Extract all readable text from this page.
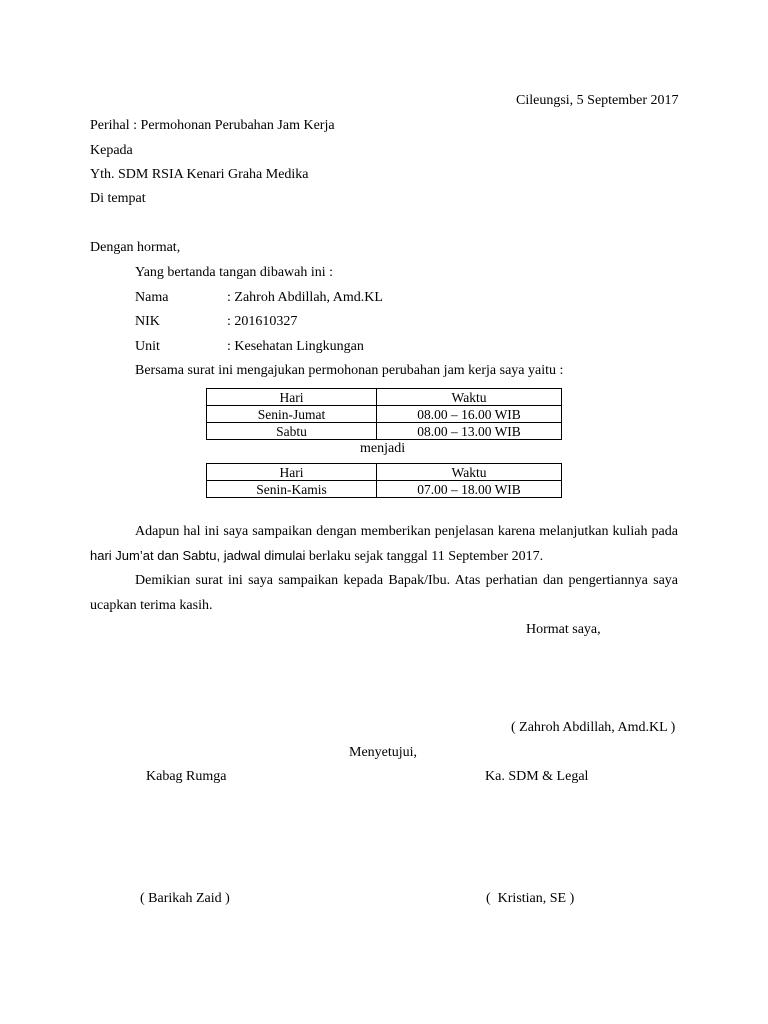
Cileungsi, 5 September 2017
Perihal : Permohonan Perubahan Jam Kerja
Kepada
Yth. SDM RSIA Kenari Graha Medika
Di tempat
Dengan hormat,
Yang bertanda tangan dibawah ini :
Nama	: Zahroh Abdillah, Amd.KL
NIK	: 201610327
Unit	: Kesehatan Lingkungan
Bersama surat ini mengajukan permohonan perubahan jam kerja saya yaitu :
Hari	Waktu
Senin-Jumat	08.00 – 16.00 WIB
Sabtu	08.00 – 13.00 WIB
menjadi
Hari	Waktu
Senin-Kamis	07.00 – 18.00 WIB
Adapun hal ini saya sampaikan dengan memberikan penjelasan karena melanjutkan kuliah pada
hari Jum’at dan Sabtu, jadwal dimulai berlaku sejak tanggal 11 September 2017.
Demikian surat ini saya sampaikan kepada Bapak/Ibu. Atas perhatian dan pengertiannya saya
ucapkan terima kasih.
Hormat saya,
( Zahroh Abdillah, Amd.KL )
Menyetujui,
Kabag Rumga	Ka. SDM & Legal
( Barikah Zaid )	(  Kristian, SE )
